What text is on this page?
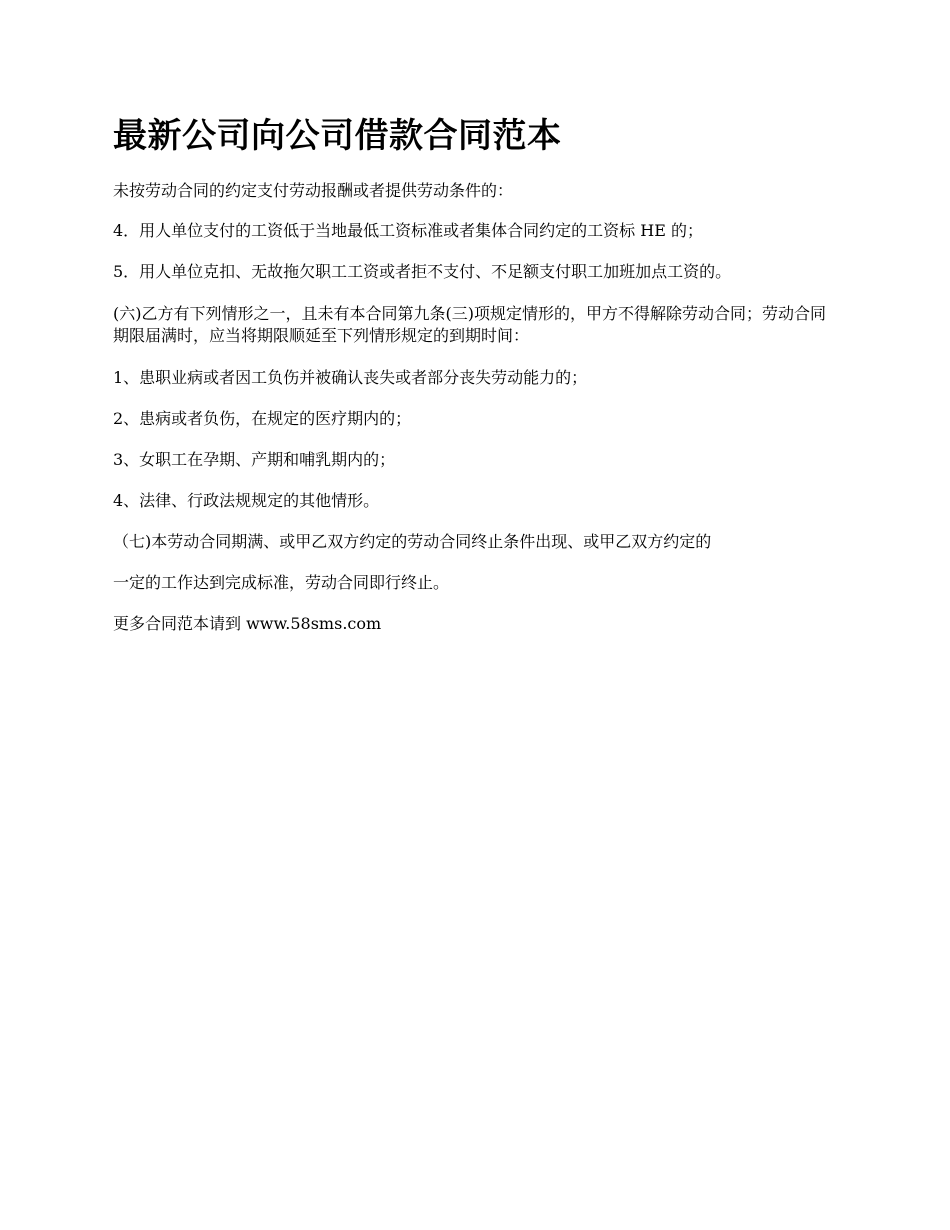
最新公司向公司借款合同范本

未按劳动合同的约定支付劳动报酬或者提供劳动条件的：

4．用人单位支付的工资低于当地最低工资标准或者集体合同约定的工资标 HE 的；

5．用人单位克扣、无故拖欠职工工资或者拒不支付、不足额支付职工加班加点工资的。

(六)乙方有下列情形之一，且未有本合同第九条(三)项规定情形的，甲方不得解除劳动合同；劳动合同期限届满时，应当将期限顺延至下列情形规定的到期时间：

1、患职业病或者因工负伤并被确认丧失或者部分丧失劳动能力的；

2、患病或者负伤，在规定的医疗期内的；

3、女职工在孕期、产期和哺乳期内的；

4、法律、行政法规规定的其他情形。

（七)本劳动合同期满、或甲乙双方约定的劳动合同终止条件出现、或甲乙双方约定的

一定的工作达到完成标准，劳动合同即行终止。

更多合同范本请到 www.58sms.com
